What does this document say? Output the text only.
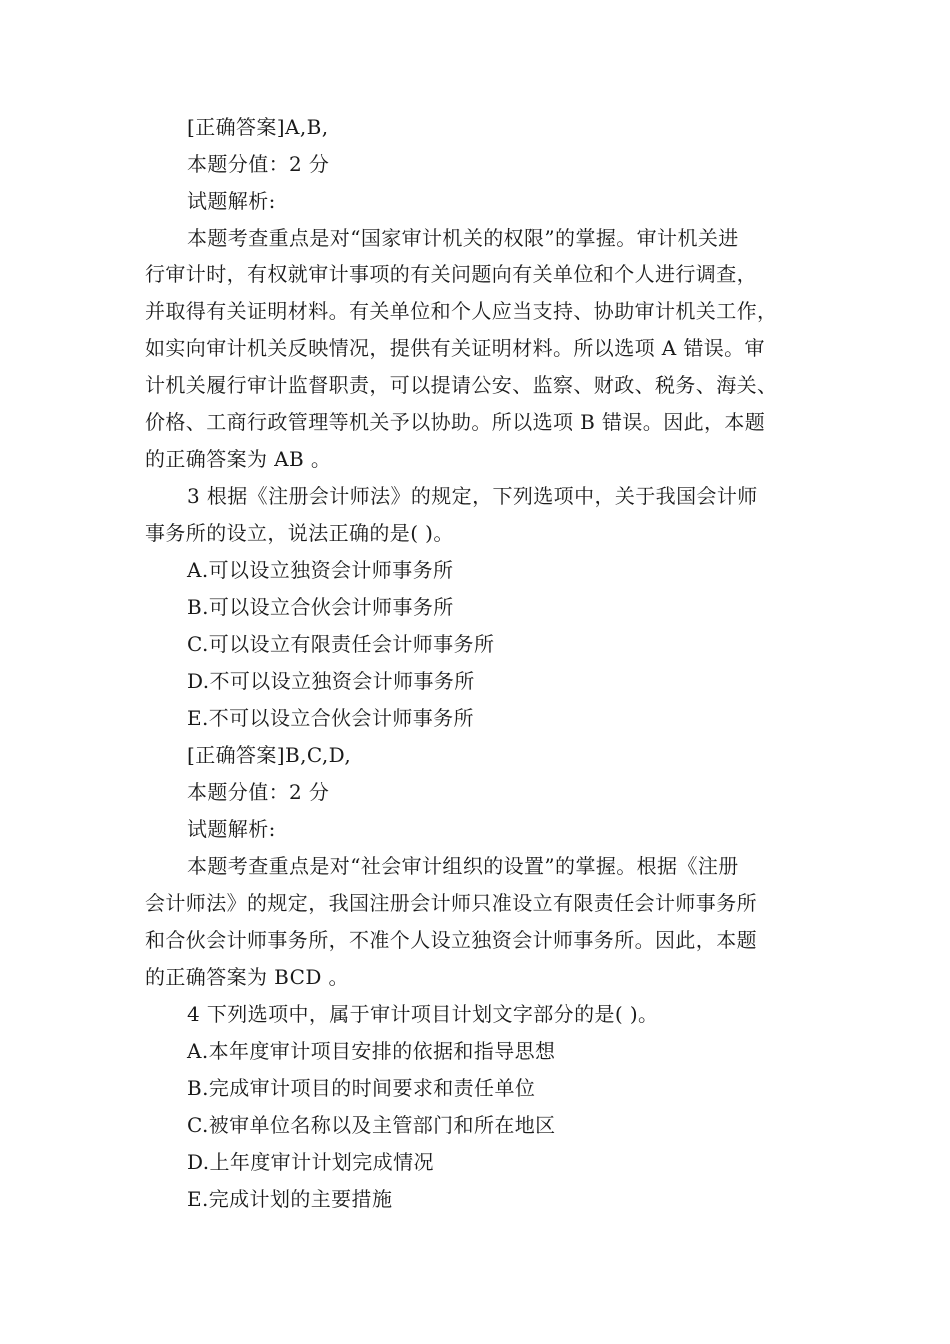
[正确答案]A,B,
本题分值：2 分
试题解析:
本题考查重点是对“国家审计机关的权限”的掌握。审计机关进
行审计时，有权就审计事项的有关问题向有关单位和个人进行调查，
并取得有关证明材料。有关单位和个人应当支持、协助审计机关工作，
如实向审计机关反映情况，提供有关证明材料。所以选项 A 错误。审
计机关履行审计监督职责，可以提请公安、监察、财政、税务、海关、
价格、工商行政管理等机关予以协助。所以选项 B 错误。因此，本题
的正确答案为 AB 。
3 根据《注册会计师法》的规定，下列选项中，关于我国会计师
事务所的设立，说法正确的是( )。
A.可以设立独资会计师事务所
B.可以设立合伙会计师事务所
C.可以设立有限责任会计师事务所
D.不可以设立独资会计师事务所
E.不可以设立合伙会计师事务所
[正确答案]B,C,D,
本题分值：2 分
试题解析:
本题考查重点是对“社会审计组织的设置”的掌握。根据《注册
会计师法》的规定，我国注册会计师只准设立有限责任会计师事务所
和合伙会计师事务所，不准个人设立独资会计师事务所。因此，本题
的正确答案为 BCD 。
4 下列选项中，属于审计项目计划文字部分的是( )。
A.本年度审计项目安排的依据和指导思想
B.完成审计项目的时间要求和责任单位
C.被审单位名称以及主管部门和所在地区
D.上年度审计计划完成情况
E.完成计划的主要措施
